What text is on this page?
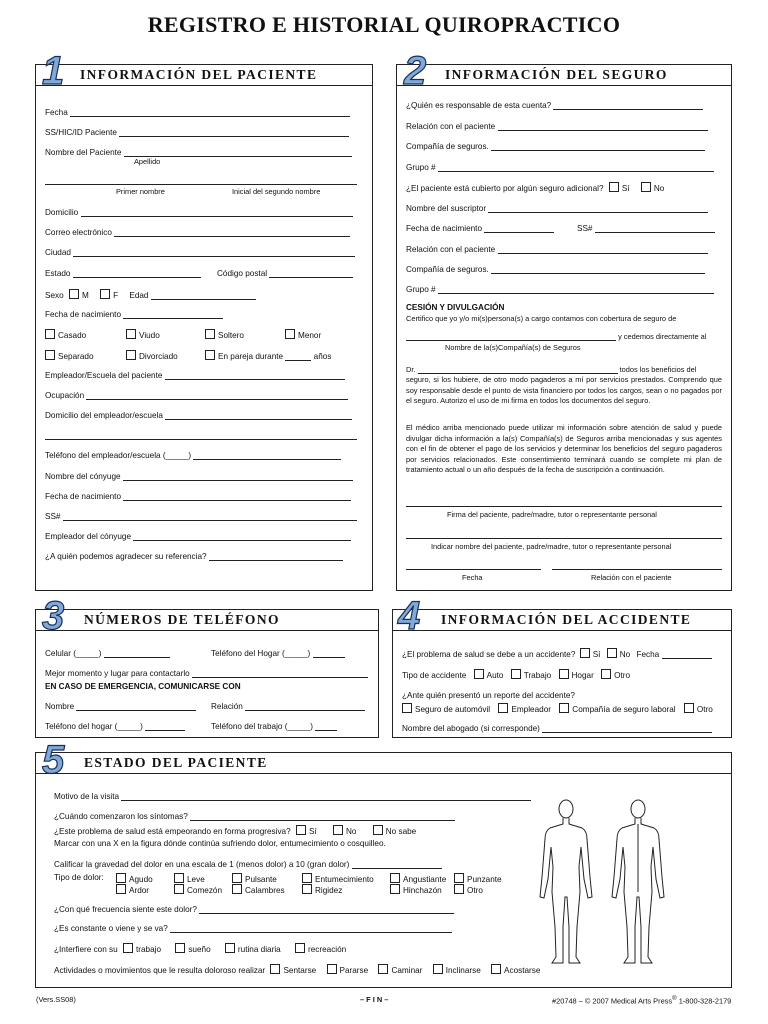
REGISTRO E HISTORIAL QUIROPRACTICO
INFORMACIÓN DEL PACIENTE
Fecha
SS/HIC/ID Paciente
Nombre del Paciente
Apellido
Primer nombre	Inicial del segundo nombre
Domicilio
Correo electrónico
Ciudad
Estado	Código postal
Sexo M	F Edad
Fecha de nacimiento
Casado	Viudo	Soltero	Menor
Separado	Divorciado	En pareja durante	años
Empleador/Escuela del paciente
Ocupación
Domicilio del empleador/escuela
Teléfono del empleador/escuela (_____)
Nombre del cónyuge
Fecha de nacimiento
SS#
Empleador del cónyuge
¿A quién podemos agradecer su referencia?
1	INFORMACIÓN DEL SEGURO
¿Quién es responsable de esta cuenta?
Relación con el paciente
Compañía de seguros.
Grupo #
¿El paciente está cubierto por algún seguro adicional? Sí	No
Nombre del suscriptor
Fecha de nacimiento	SS#
Relación con el paciente
Compañía de seguros.
Grupo #
CESIÓN Y DIVULGACIÓN
Certifico que yo y/o mi(s)persona(s) a cargo contamos con cobertura de seguro de
y cedemos directamente al
Nombre de la(s)Compañía(s) de Seguros
Dr.	todos los beneficios del
seguro, si los hubiere, de otro modo pagaderos a mí por servicios prestados. Comprendo que soy responsable desde el punto de vista financiero por todos los cargos, sean o no pagados por el seguro. Autorizo el uso de mi firma en todos los documentos del seguro.
El médico arriba mencionado puede utilizar mi información sobre atención de salud y puede divulgar dicha información a la(s) Compañía(s) de Seguros arriba mencionadas y sus agentes con el fin de obtener el pago de los servicios y determinar los beneficios del seguro pagaderos por servicios relacionados. Este consentimiento terminará cuando se complete mi plan de tratamiento actual o un año después de la fecha de suscripción a continuación.
Firma del paciente, padre/madre, tutor o representante personal
Indicar nombre del paciente, padre/madre, tutor o representante personal
Fecha	Relación con el paciente
2
NÚMEROS DE TELÉFONO
Celular (_____)	Teléfono del Hogar (_____)
Mejor momento y lugar para contactarlo
EN CASO DE EMERGENCIA, COMUNICARSE CON
Nombre	Relación
Teléfono del hogar (_____)	Teléfono del trabajo (_____)
3	INFORMACIÓN DEL ACCIDENTE
¿El problema de salud se debe a un accidente? Sí No Fecha
Tipo de accidente Auto Trabajo Hogar Otro
¿Ante quién presentó un reporte del accidente?
Seguro de automóvil	Empleador	Compañía de seguro laboral	Otro
Nombre del abogado (si corresponde)
4
ESTADO DEL PACIENTE
Motivo de la visita
¿Cuándo comenzaron los síntomas?
¿Este problema de salud está empeorando en forma progresiva? Sí	No	No sabe
Marcar con una X en la figura dónde continúa sufriendo dolor, entumecimiento o cosquilleo.
Calificar la gravedad del dolor en una escala de 1 (menos dolor) a 10 (gran dolor)
Tipo de dolor:	Agudo	Leve	Pulsante	Entumecimiento	Angustiante	Punzante
Ardor	Comezón	Calambres	Rigidez	Hinchazón	Otro
¿Con qué frecuencia siente este dolor?
¿Es constante o viene y se va?
¿Interfiere con su trabajo	sueño	rutina diaria	recreación
Actividades o movimientos que le resulta doloroso realizar Sentarse	Pararse	Caminar	Inclinarse	Acostarse
5
(Vers.SS08)	– F I N –	#20748 – © 2007 Medical Arts Press® 1-800-328-2179
